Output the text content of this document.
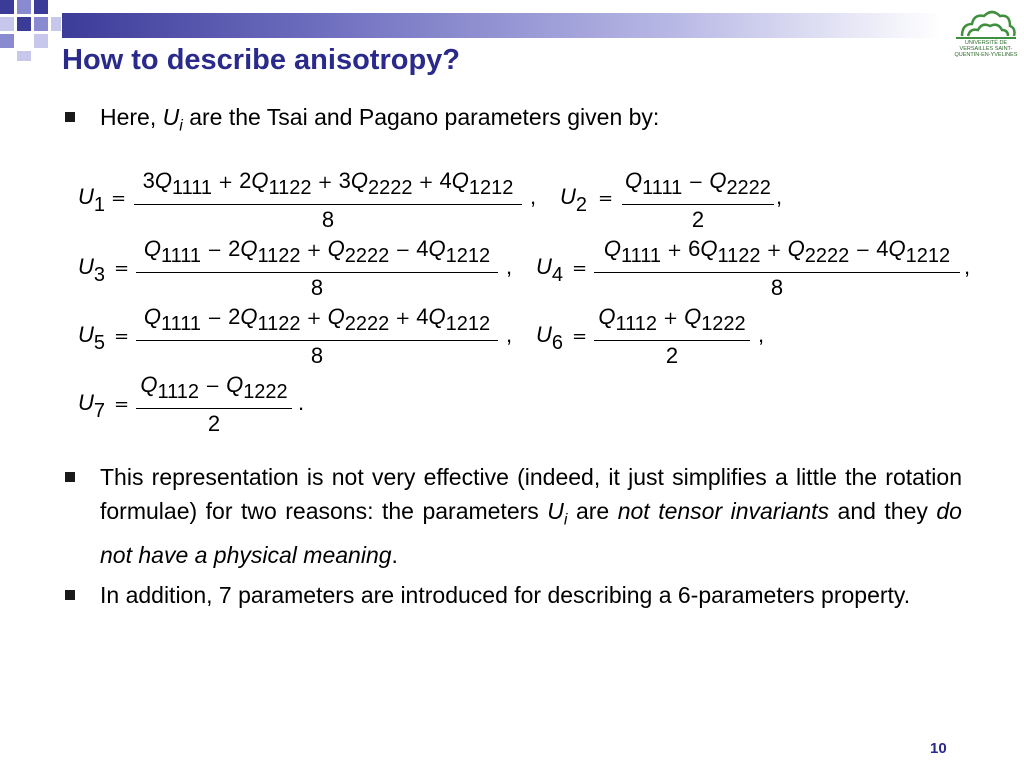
UNIVERSITÉ DE VERSAILLES SAINT-QUENTIN-EN-YVELINES
How to describe anisotropy?
Here, $U_i$ are the Tsai and Pagano parameters given by:
$U_1$ =
3Q1111 + 2Q1122 + 3Q2222 + 4Q1212
8
, $U_2$ =
Q1111 − Q2222
2
,
$U_3$ =
Q1111 − 2Q1122 + Q2222 − 4Q1212
8
, $U_4$ =
Q1111 + 6Q1122 + Q2222 − 4Q1212
8
,
$U_5$ =
Q1111 − 2Q1122 + Q2222 + 4Q1212
8
, $U_6$ =
Q1112 + Q1222
2
,
$U_7$ =
Q1112 − Q1222
2
.
This representation is not very effective (indeed, it just simplifies a little the rotation formulae) for two reasons: the parameters $U_i$ are not tensor invariants and they do not have a physical meaning.
In addition, 7 parameters are introduced for describing a 6-parameters property.
10
